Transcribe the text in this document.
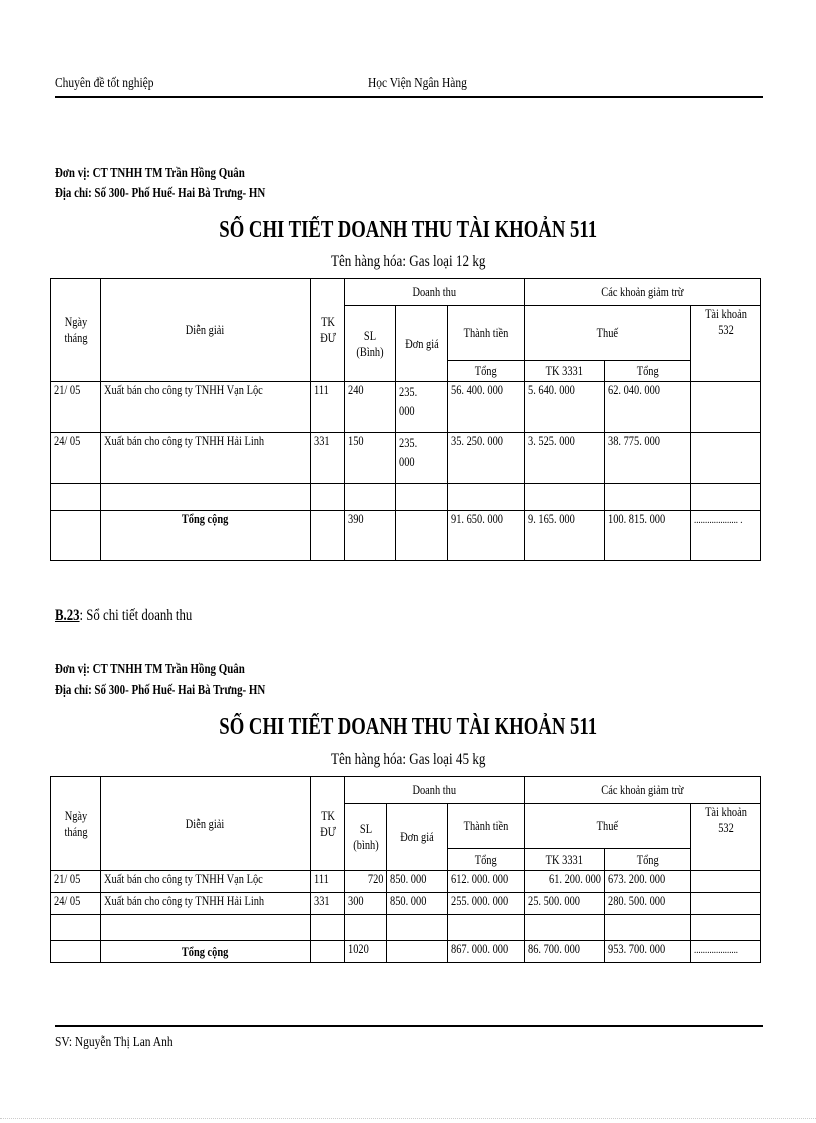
Chuyên đề tốt nghiệp	Học Viện Ngân Hàng
Đơn vị: CT TNHH TM Trần Hồng Quân
Địa chỉ: Số 300- Phố Huế- Hai Bà Trưng- HN
SỔ CHI TIẾT DOANH THU TÀI KHOẢN 511
Tên hàng hóa: Gas loại 12 kg
Ngày tháng	Diễn giải	TK ĐƯ	Doanh thu			Các khoản giảm trừ		
			SL (Bình)	Đơn giá	Thành tiền	Thuế		Tài khoản 532
					Tổng	TK 3331	Tổng	
21/ 05	Xuất bán cho công ty TNHH Vạn Lộc	111	240	235. 000	56. 400. 000	5. 640. 000	62. 040. 000	
24/ 05	Xuất bán cho công ty TNHH Hải Linh	331	150	235. 000	35. 250. 000	3. 525. 000	38. 775. 000	

	Tổng cộng		390		91. 650. 000	9. 165. 000	100. 815. 000	.................... .
B.23: Sổ chi tiết doanh thu
Đơn vị: CT TNHH TM Trần Hồng Quân
Địa chỉ: Số 300- Phố Huế- Hai Bà Trưng- HN
SỔ CHI TIẾT DOANH THU TÀI KHOẢN 511
Tên hàng hóa: Gas loại 45 kg
Ngày tháng	Diễn giải	TK ĐƯ	Doanh thu			Các khoản giảm trừ		
			SL (bình)	Đơn giá	Thành tiền	Thuế		Tài khoản 532
					Tổng	TK 3331	Tổng	
21/ 05	Xuất bán cho công ty TNHH Vạn Lộc	111	720	850. 000	612. 000. 000	61. 200. 000	673. 200. 000	
24/ 05	Xuất bán cho công ty TNHH Hải Linh	331	300	850. 000	255. 000. 000	25. 500. 000	280. 500. 000	

	Tổng cộng		1020		867. 000. 000	86. 700. 000	953. 700. 000	....................
SV: Nguyễn Thị Lan Anh
